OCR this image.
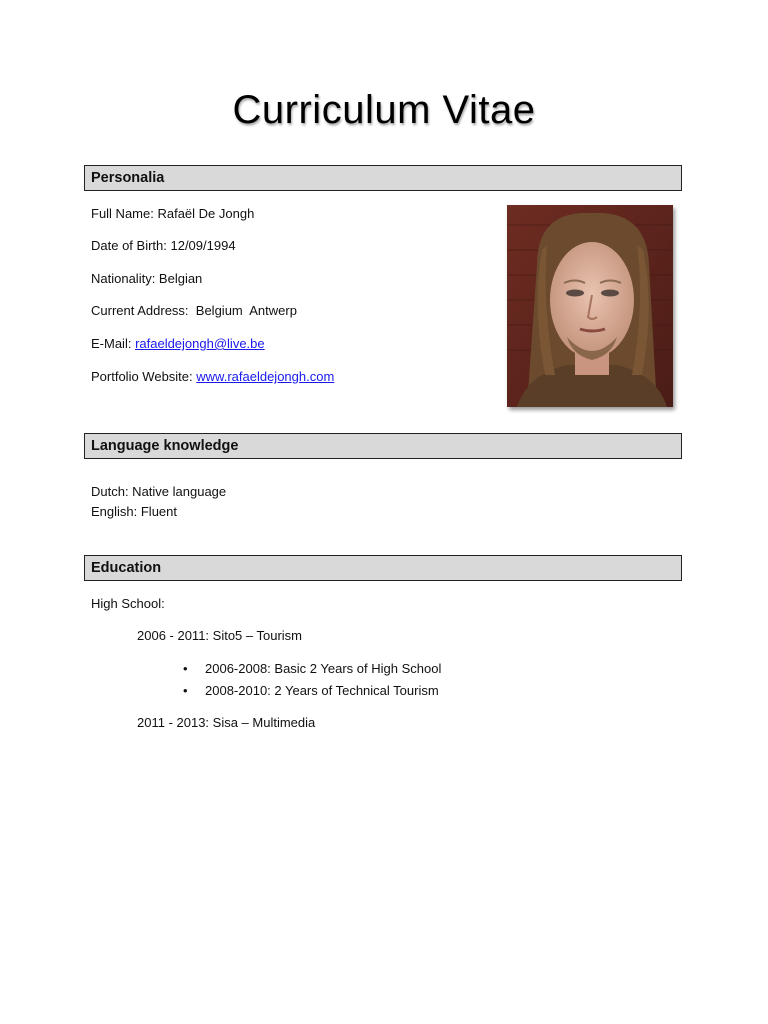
Curriculum Vitae
Personalia
Full Name: Rafaël De Jongh
Date of Birth: 12/09/1994
Nationality: Belgian
Current Address:  Belgium  Antwerp
E-Mail: rafaeldejongh@live.be
Portfolio Website: www.rafaeldejongh.com
Language knowledge
Dutch: Native language
English: Fluent
Education
High School:
2006 - 2011: Sito5 – Tourism
• 2006-2008: Basic 2 Years of High School
• 2008-2010: 2 Years of Technical Tourism
2011 - 2013: Sisa – Multimedia
